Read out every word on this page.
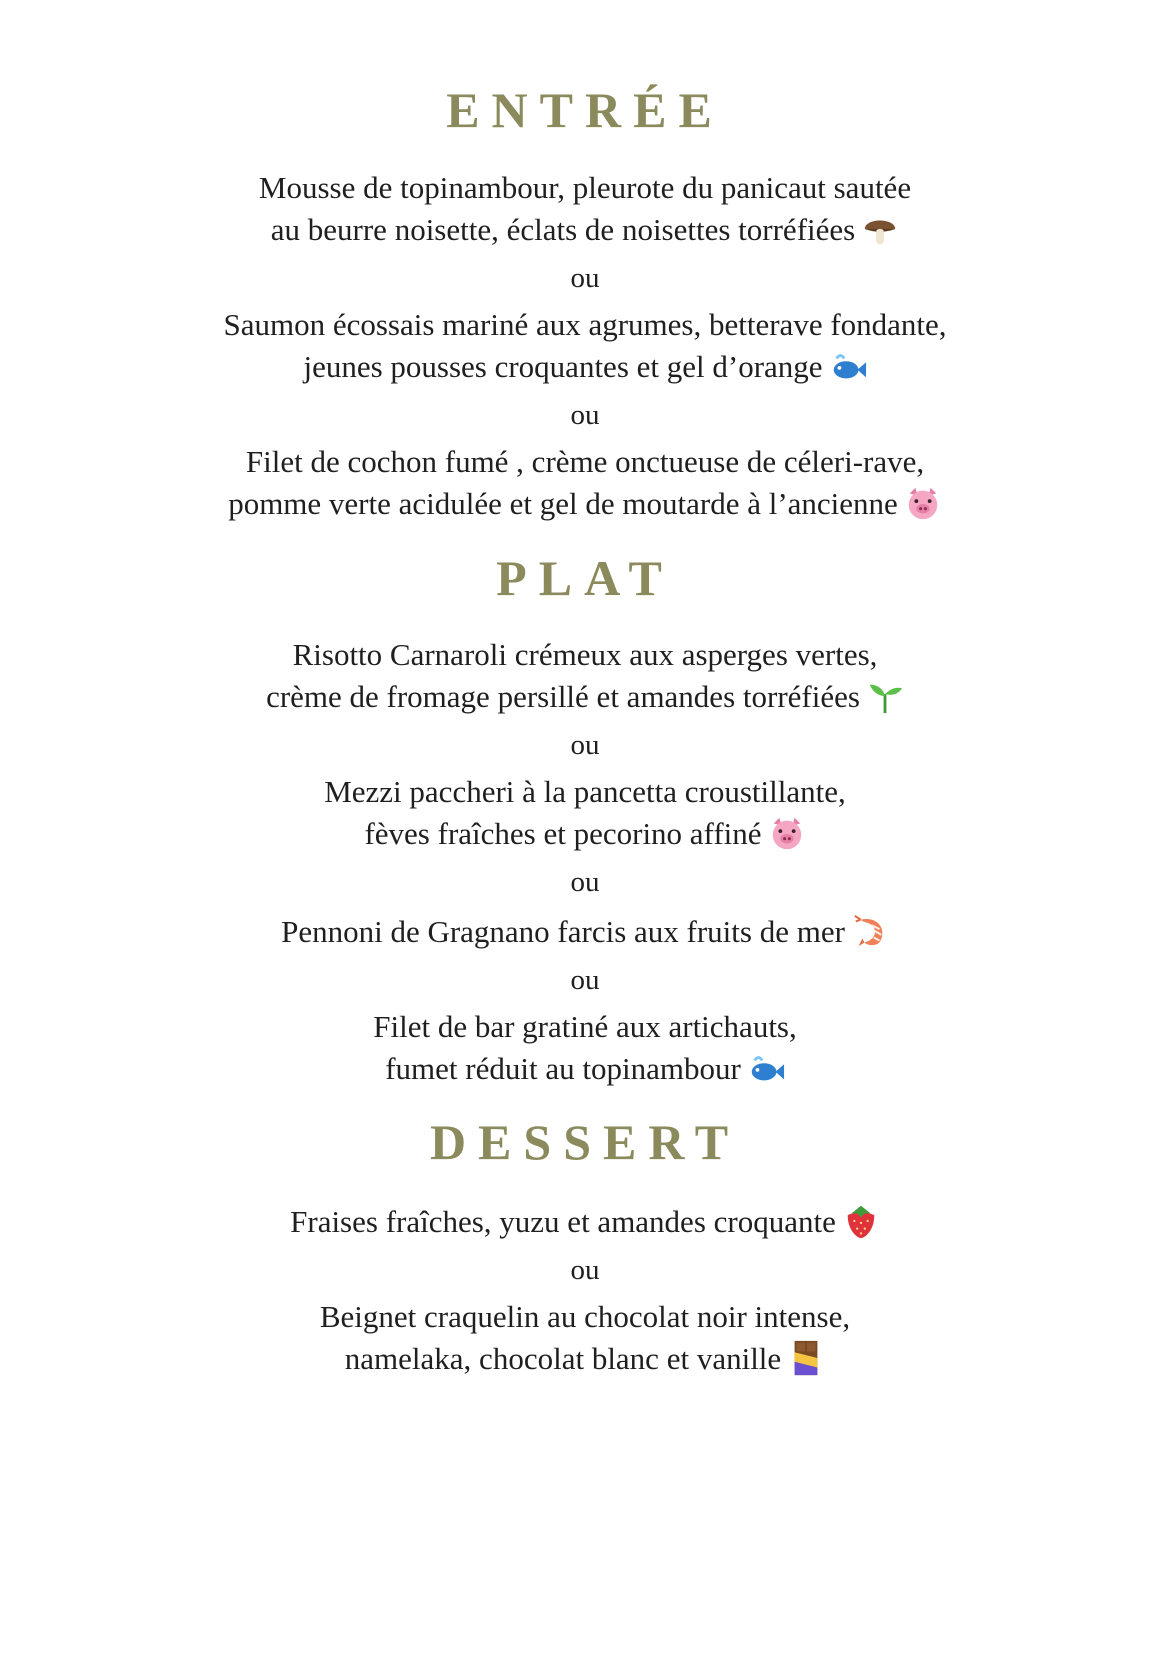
ENTRÉE
Mousse de topinambour, pleurote du panicaut sautée
au beurre noisette, éclats de noisettes torréfiées
ou
Saumon écossais mariné aux agrumes, betterave fondante,
jeunes pousses croquantes et gel d’orange
ou
Filet de cochon fumé , crème onctueuse de céleri-rave,
pomme verte acidulée et gel de moutarde à l’ancienne
PLAT
Risotto Carnaroli crémeux aux asperges vertes,
crème de fromage persillé et amandes torréfiées
ou
Mezzi paccheri à la pancetta croustillante,
fèves fraîches et pecorino affiné
ou
Pennoni de Gragnano farcis aux fruits de mer
ou
Filet de bar gratiné aux artichauts,
fumet réduit au topinambour
DESSERT
Fraises fraîches, yuzu et amandes croquante
ou
Beignet craquelin au chocolat noir intense,
namelaka, chocolat blanc et vanille
